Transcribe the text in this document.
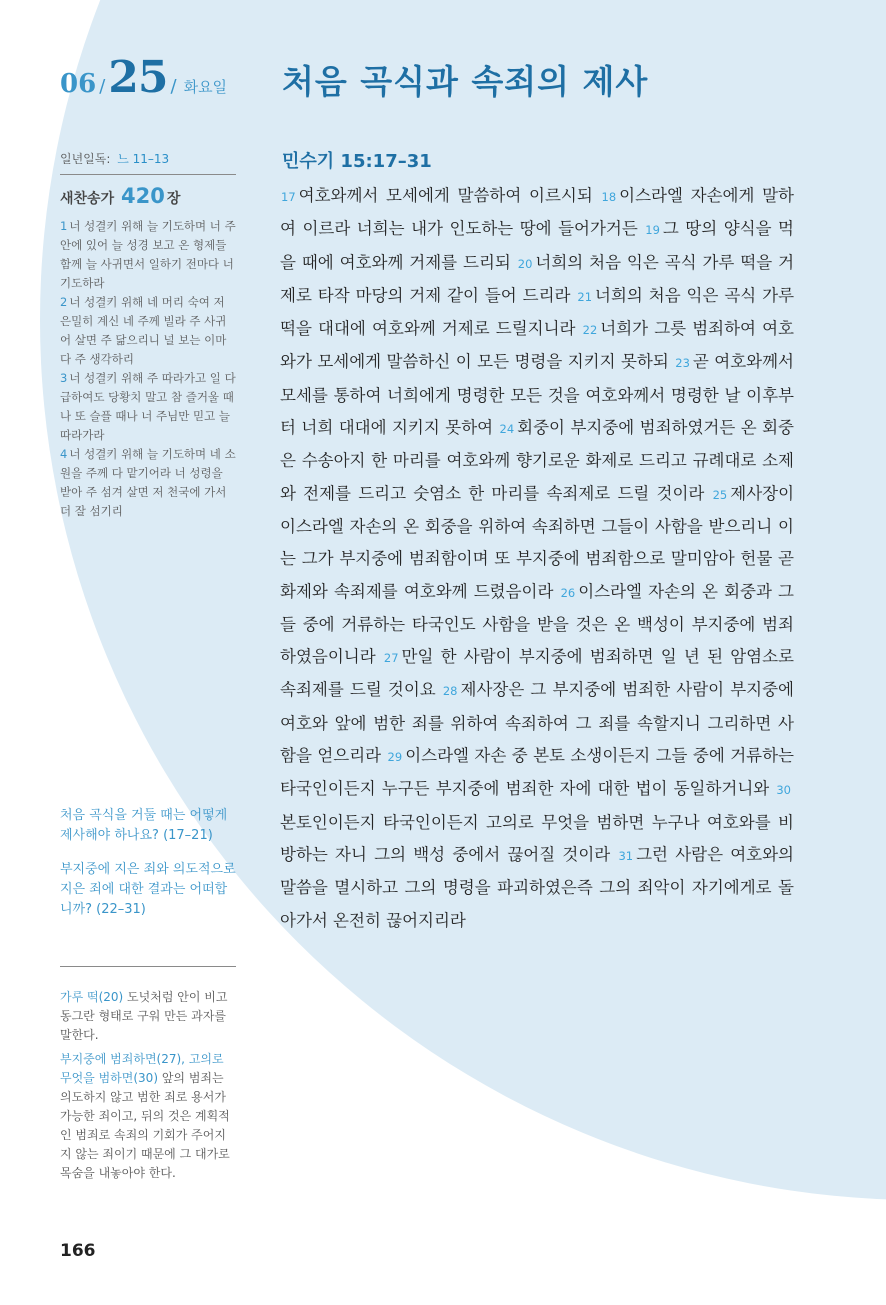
06 / 25 / 화요일 처음 곡식과 속죄의 제사
일년일독: 느 11–13
새찬송가 420 장

1 너 성결키 위해 늘 기도하며 너 주 안에 있어 늘 성경 보고 온 형제들 함께 늘 사귀면서 일하기 전마다 너 기도하라

2 너 성결키 위해 네 머리 숙여 저 은밀히 계신 네 주께 빌라 주 사귀어 살면 주 닮으리니 널 보는 이마다 주 생각하리

3 너 성결키 위해 주 따라가고 일 다급하여도 당황치 말고 참 즐거울 때나 또 슬플 때나 너 주님만 믿고 늘 따라가라

4 너 성결키 위해 늘 기도하며 네 소원을 주께 다 맡기어라 너 성령을 받아 주 섬겨 살면 저 천국에 가서 더 잘 섬기리

처음 곡식을 거둘 때는 어떻게 제사해야 하나요? (17–21)

부지중에 지은 죄와 의도적으로 지은 죄에 대한 결과는 어떠합니까? (22–31)

가루 떡(20) 도넛처럼 안이 비고 동그란 형태로 구워 만든 과자를 말한다.

부지중에 범죄하면(27), 고의로 무엇을 범하면(30) 앞의 범죄는 의도하지 않고 범한 죄로 용서가 가능한 죄이고, 뒤의 것은 계획적인 범죄로 속죄의 기회가 주어지지 않는 죄이기 때문에 그 대가로 목숨을 내놓아야 한다.

166
민수기 15:17–31
17 여호와께서 모세에게 말씀하여 이르시되 18 이스라엘 자손에게 말하여 이르라 너희는 내가 인도하는 땅에 들어가거든 19 그 땅의 양식을 먹을 때에 여호와께 거제를 드리되 20 너희의 처음 익은 곡식 가루 떡을 거제로 타작 마당의 거제 같이 들어 드리라 21 너희의 처음 익은 곡식 가루 떡을 대대에 여호와께 거제로 드릴지니라 22 너희가 그릇 범죄하여 여호와가 모세에게 말씀하신 이 모든 명령을 지키지 못하되 23 곧 여호와께서 모세를 통하여 너희에게 명령한 모든 것을 여호와께서 명령한 날 이후부터 너희 대대에 지키지 못하여 24 회중이 부지중에 범죄하였거든 온 회중은 수송아지 한 마리를 여호와께 향기로운 화제로 드리고 규례대로 소제와 전제를 드리고 숫염소 한 마리를 속죄제로 드릴 것이라 25 제사장이 이스라엘 자손의 온 회중을 위하여 속죄하면 그들이 사함을 받으리니 이는 그가 부지중에 범죄함이며 또 부지중에 범죄함으로 말미암아 헌물 곧 화제와 속죄제를 여호와께 드렸음이라 26 이스라엘 자손의 온 회중과 그들 중에 거류하는 타국인도 사함을 받을 것은 온 백성이 부지중에 범죄하였음이니라 27 만일 한 사람이 부지중에 범죄하면 일 년 된 암염소로 속죄제를 드릴 것이요 28 제사장은 그 부지중에 범죄한 사람이 부지중에 여호와 앞에 범한 죄를 위하여 속죄하여 그 죄를 속할지니 그리하면 사함을 얻으리라 29 이스라엘 자손 중 본토 소생이든지 그들 중에 거류하는 타국인이든지 누구든 부지중에 범죄한 자에 대한 법이 동일하거니와 30본토인이든지 타국인이든지 고의로 무엇을 범하면 누구나 여호와를 비방하는 자니 그의 백성 중에서 끊어질 것이라 31 그런 사람은 여호와의 말씀을 멸시하고 그의 명령을 파괴하였은즉 그의 죄악이 자기에게로 돌아가서 온전히 끊어지리라
